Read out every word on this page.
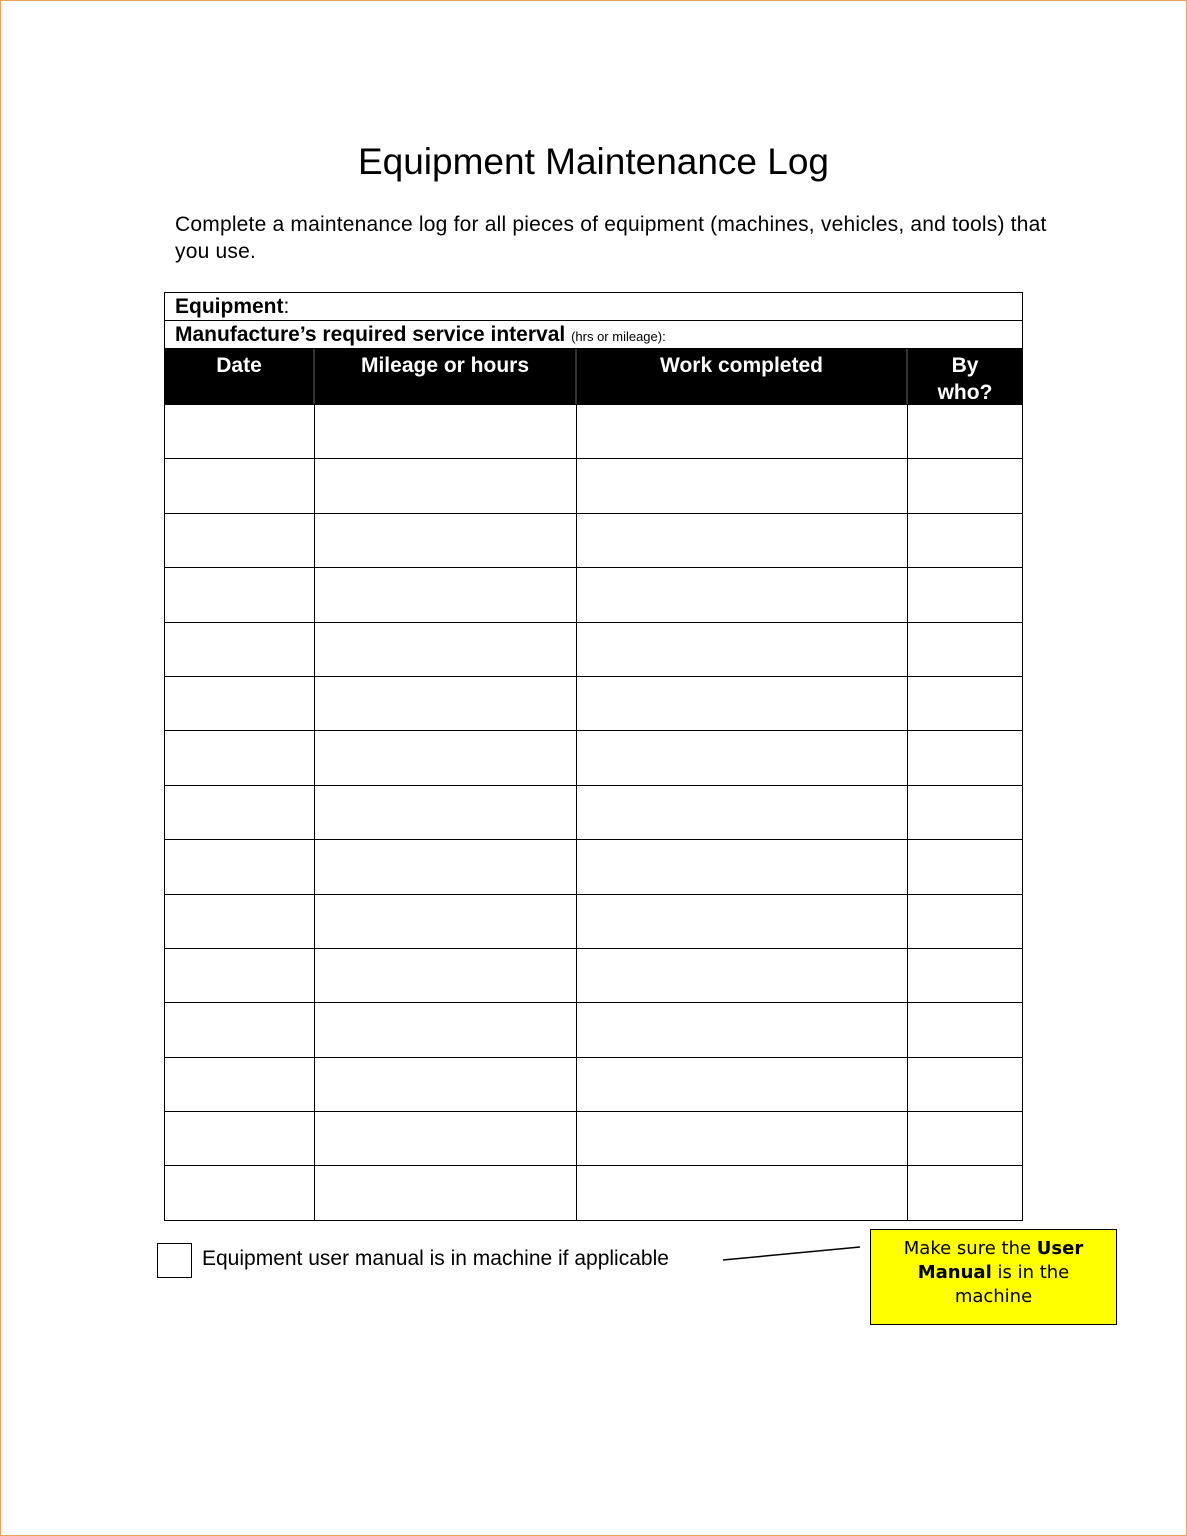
Equipment Maintenance Log
Complete a maintenance log for all pieces of equipment (machines, vehicles, and tools) that you use.
Equipment:
Manufacture’s required service interval (hrs or mileage):
Date	Mileage or hours	Work completed	By who?
Equipment user manual is in machine if applicable	Make sure the User
Manual is in the
machine
